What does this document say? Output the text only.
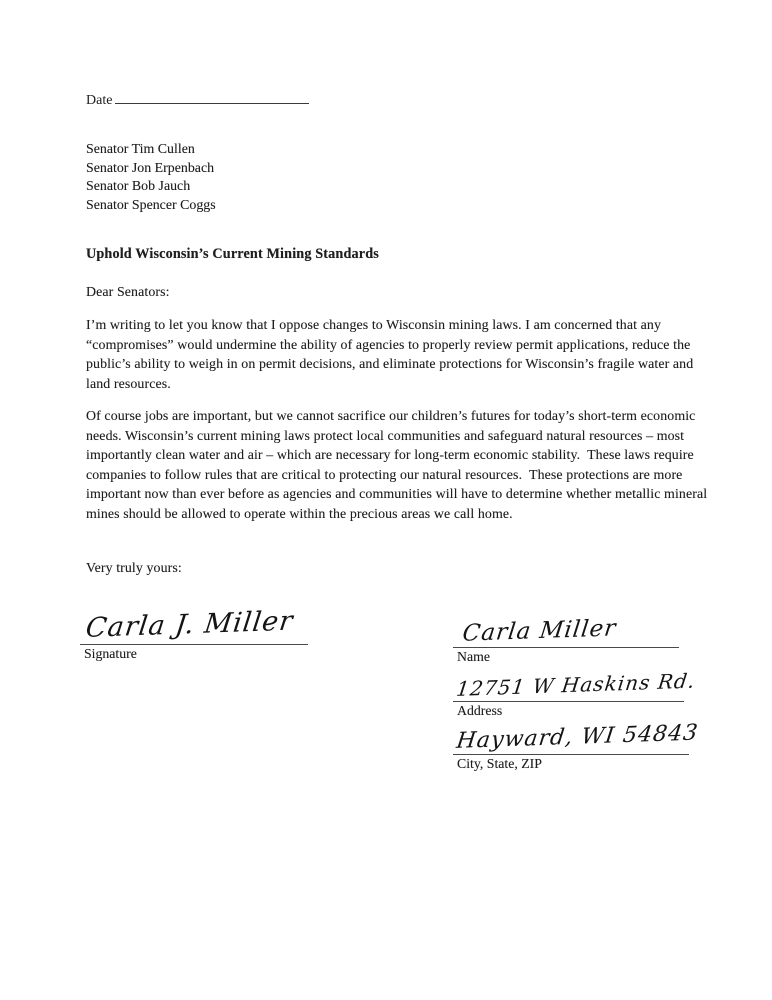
Date
Senator Tim Cullen
Senator Jon Erpenbach
Senator Bob Jauch
Senator Spencer Coggs
Uphold Wisconsin’s Current Mining Standards
Dear Senators:
I’m writing to let you know that I oppose changes to Wisconsin mining laws. I am concerned that any “compromises” would undermine the ability of agencies to properly review permit applications, reduce the public’s ability to weigh in on permit decisions, and eliminate protections for Wisconsin’s fragile water and land resources.
Of course jobs are important, but we cannot sacrifice our children’s futures for today’s short-term economic needs. Wisconsin’s current mining laws protect local communities and safeguard natural resources – most importantly clean water and air – which are necessary for long-term economic stability.  These laws require companies to follow rules that are critical to protecting our natural resources.  These protections are more important now than ever before as agencies and communities will have to determine whether metallic mineral mines should be allowed to operate within the precious areas we call home.
Very truly yours:
Carla J. Miller
Signature
Carla Miller
Name
12751 W Haskins Rd.
Address
Hayward, WI 54843
City, State, ZIP
